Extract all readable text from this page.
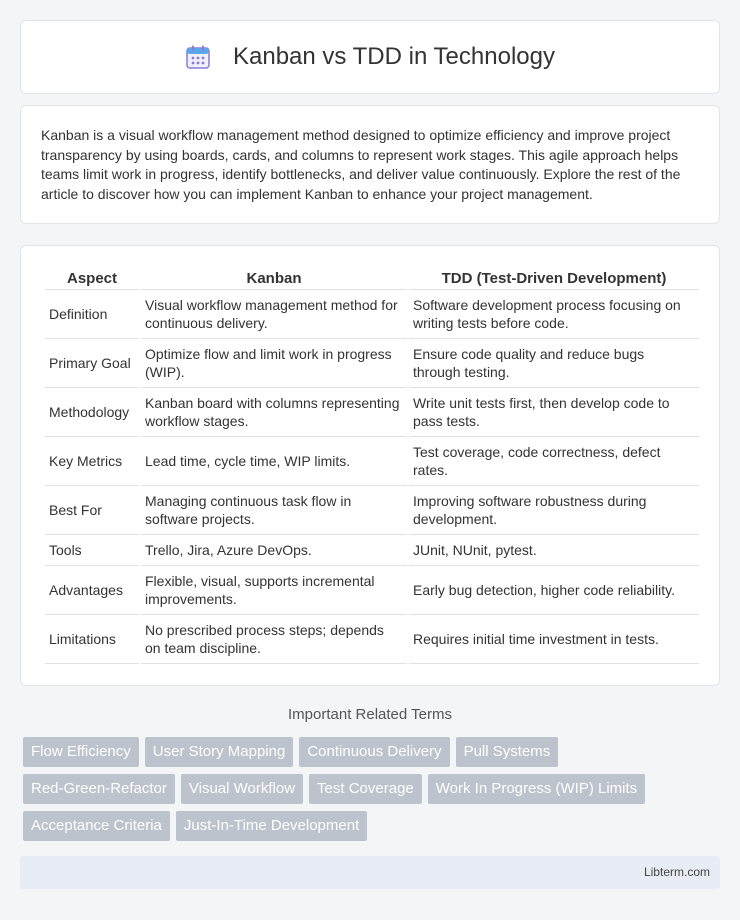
Kanban vs TDD in Technology

Kanban is a visual workflow management method designed to optimize efficiency and improve project transparency by using boards, cards, and columns to represent work stages. This agile approach helps teams limit work in progress, identify bottlenecks, and deliver value continuously. Explore the rest of the article to discover how you can implement Kanban to enhance your project management.

Aspect	Kanban	TDD (Test-Driven Development)
Definition	Visual workflow management method for continuous delivery.	Software development process focusing on writing tests before code.
Primary Goal	Optimize flow and limit work in progress (WIP).	Ensure code quality and reduce bugs through testing.
Methodology	Kanban board with columns representing workflow stages.	Write unit tests first, then develop code to pass tests.
Key Metrics	Lead time, cycle time, WIP limits.	Test coverage, code correctness, defect rates.
Best For	Managing continuous task flow in software projects.	Improving software robustness during development.
Tools	Trello, Jira, Azure DevOps.	JUnit, NUnit, pytest.
Advantages	Flexible, visual, supports incremental improvements.	Early bug detection, higher code reliability.
Limitations	No prescribed process steps; depends on team discipline.	Requires initial time investment in tests.
Important Related Terms
Flow Efficiency	User Story Mapping	Continuous Delivery	Pull Systems
Red-Green-Refactor	Visual Workflow	Test Coverage	Work In Progress (WIP) Limits
Acceptance Criteria	Just-In-Time Development
Libterm.com
